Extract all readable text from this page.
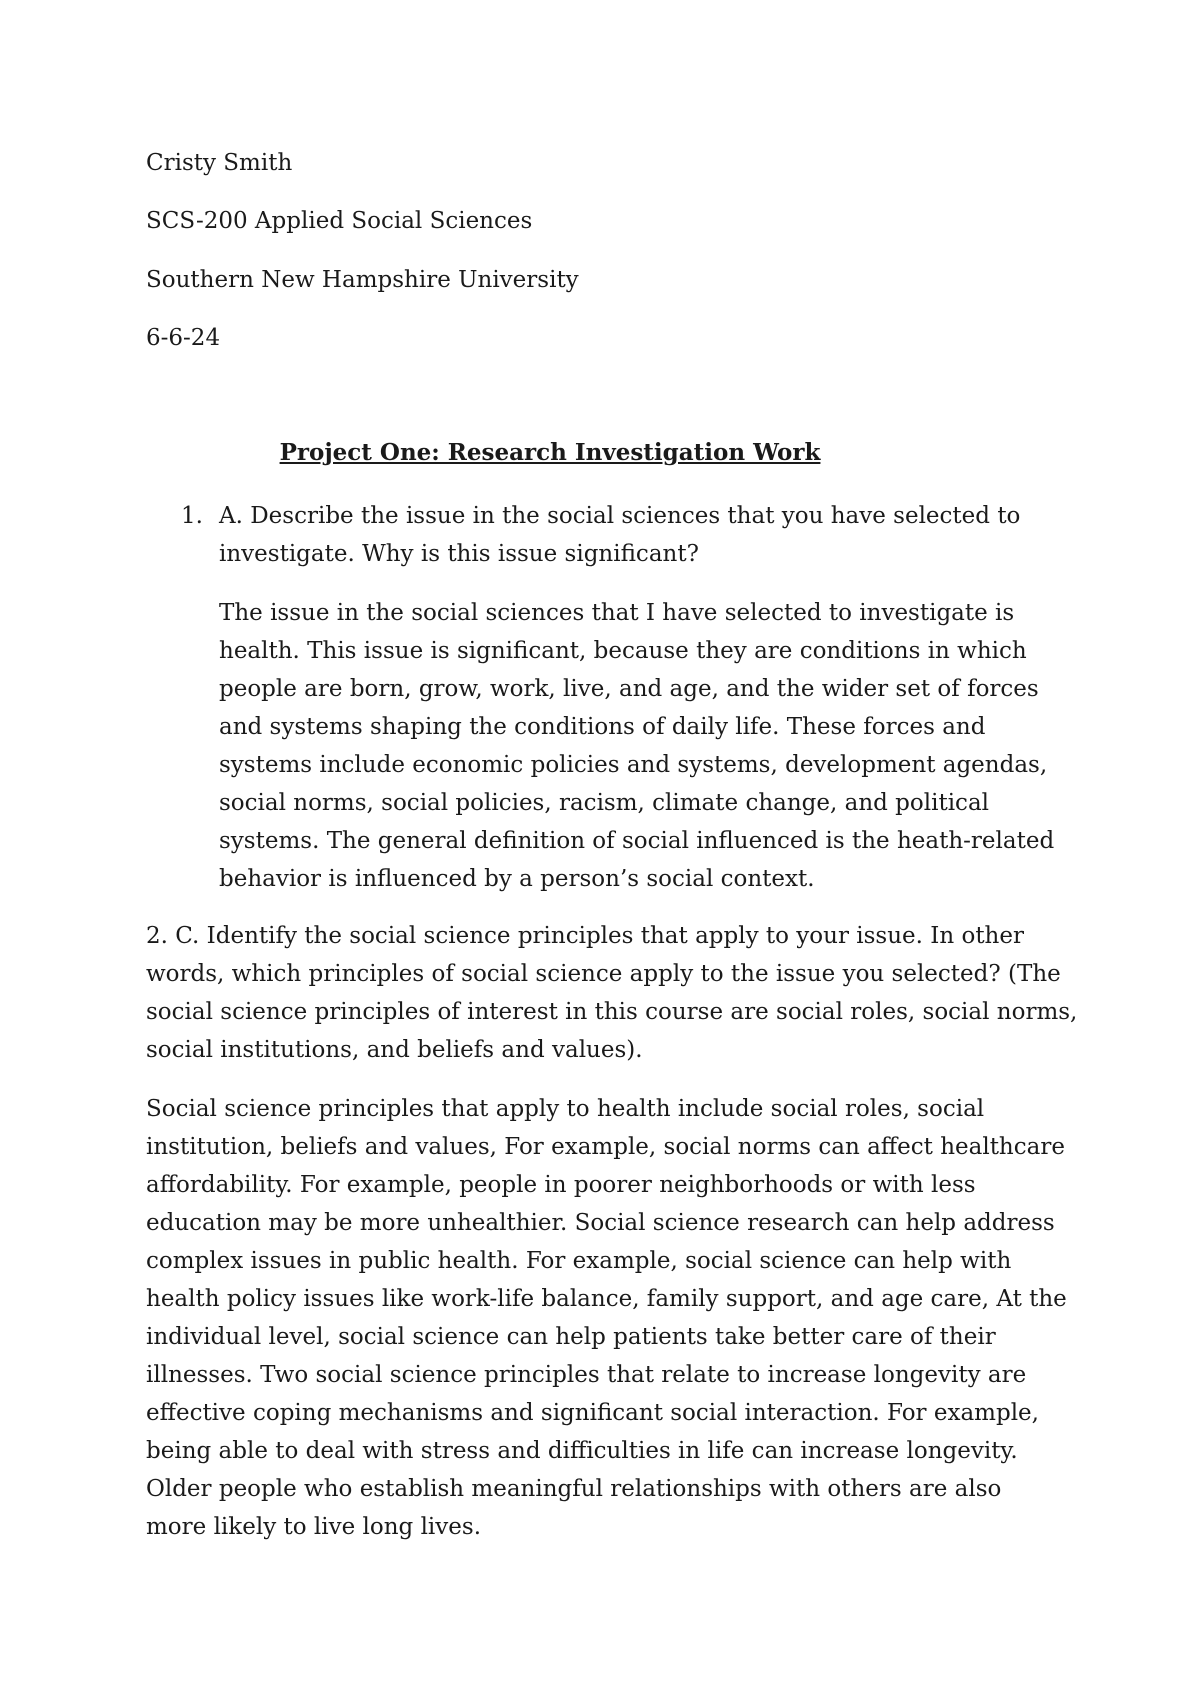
Cristy Smith
SCS-200 Applied Social Sciences
Southern New Hampshire University
6-6-24
Project One: Research Investigation Work
1. A. Describe the issue in the social sciences that you have selected to
investigate. Why is this issue significant?
The issue in the social sciences that I have selected to investigate is
health. This issue is significant, because they are conditions in which
people are born, grow, work, live, and age, and the wider set of forces
and systems shaping the conditions of daily life. These forces and
systems include economic policies and systems, development agendas,
social norms, social policies, racism, climate change, and political
systems. The general definition of social influenced is the heath-related
behavior is influenced by a person’s social context.
2. C. Identify the social science principles that apply to your issue. In other
words, which principles of social science apply to the issue you selected? (The
social science principles of interest in this course are social roles, social norms,
social institutions, and beliefs and values).
Social science principles that apply to health include social roles, social
institution, beliefs and values, For example, social norms can affect healthcare
affordability. For example, people in poorer neighborhoods or with less
education may be more unhealthier. Social science research can help address
complex issues in public health. For example, social science can help with
health policy issues like work-life balance, family support, and age care, At the
individual level, social science can help patients take better care of their
illnesses. Two social science principles that relate to increase longevity are
effective coping mechanisms and significant social interaction. For example,
being able to deal with stress and difficulties in life can increase longevity.
Older people who establish meaningful relationships with others are also
more likely to live long lives.
